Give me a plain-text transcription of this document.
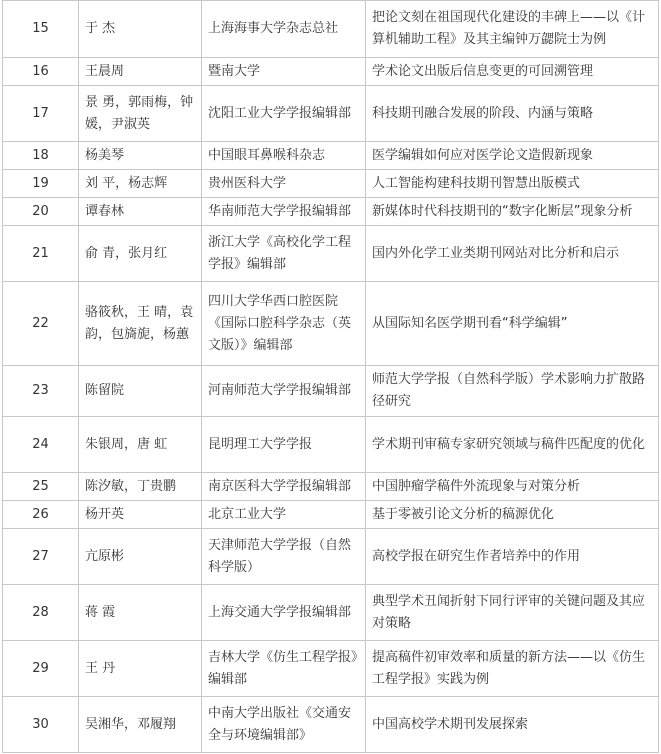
15	于 杰	上海海事大学杂志总社	把论文刻在祖国现代化建设的丰碑上——以《计算机辅助工程》及其主编钟万勰院士为例
16	王晨周	暨南大学	学术论文出版后信息变更的可回溯管理
17	景 勇，郭雨梅，钟 媛，尹淑英	沈阳工业大学学报编辑部	科技期刊融合发展的阶段、内涵与策略
18	杨美琴	中国眼耳鼻喉科杂志	医学编辑如何应对医学论文造假新现象
19	刘 平，杨志辉	贵州医科大学	人工智能构建科技期刊智慧出版模式
20	谭春林	华南师范大学学报编辑部	新媒体时代科技期刊的“数字化断层”现象分析
21	俞 青，张月红	浙江大学《高校化学工程学报》编辑部	国内外化学工业类期刊网站对比分析和启示
22	骆筱秋，王 晴，袁 韵，包旖旎，杨蕙	四川大学华西口腔医院《国际口腔科学杂志（英文版）》编辑部	从国际知名医学期刊看“科学编辑”
23	陈留院	河南师范大学学报编辑部	师范大学学报（自然科学版）学术影响力扩散路径研究
24	朱银周，唐 虹	昆明理工大学学报	学术期刊审稿专家研究领域与稿件匹配度的优化
25	陈汐敏，丁贵鹏	南京医科大学学报编辑部	中国肿瘤学稿件外流现象与对策分析
26	杨开英	北京工业大学	基于零被引论文分析的稿源优化
27	亢原彬	天津师范大学学报（自然科学版）	高校学报在研究生作者培养中的作用
28	蒋 霞	上海交通大学学报编辑部	典型学术丑闻折射下同行评审的关键问题及其应对策略
29	王 丹	吉林大学《仿生工程学报》编辑部	提高稿件初审效率和质量的新方法——以《仿生工程学报》实践为例
30	吴湘华，邓履翔	中南大学出版社《交通安全与环境编辑部》	中国高校学术期刊发展探索
